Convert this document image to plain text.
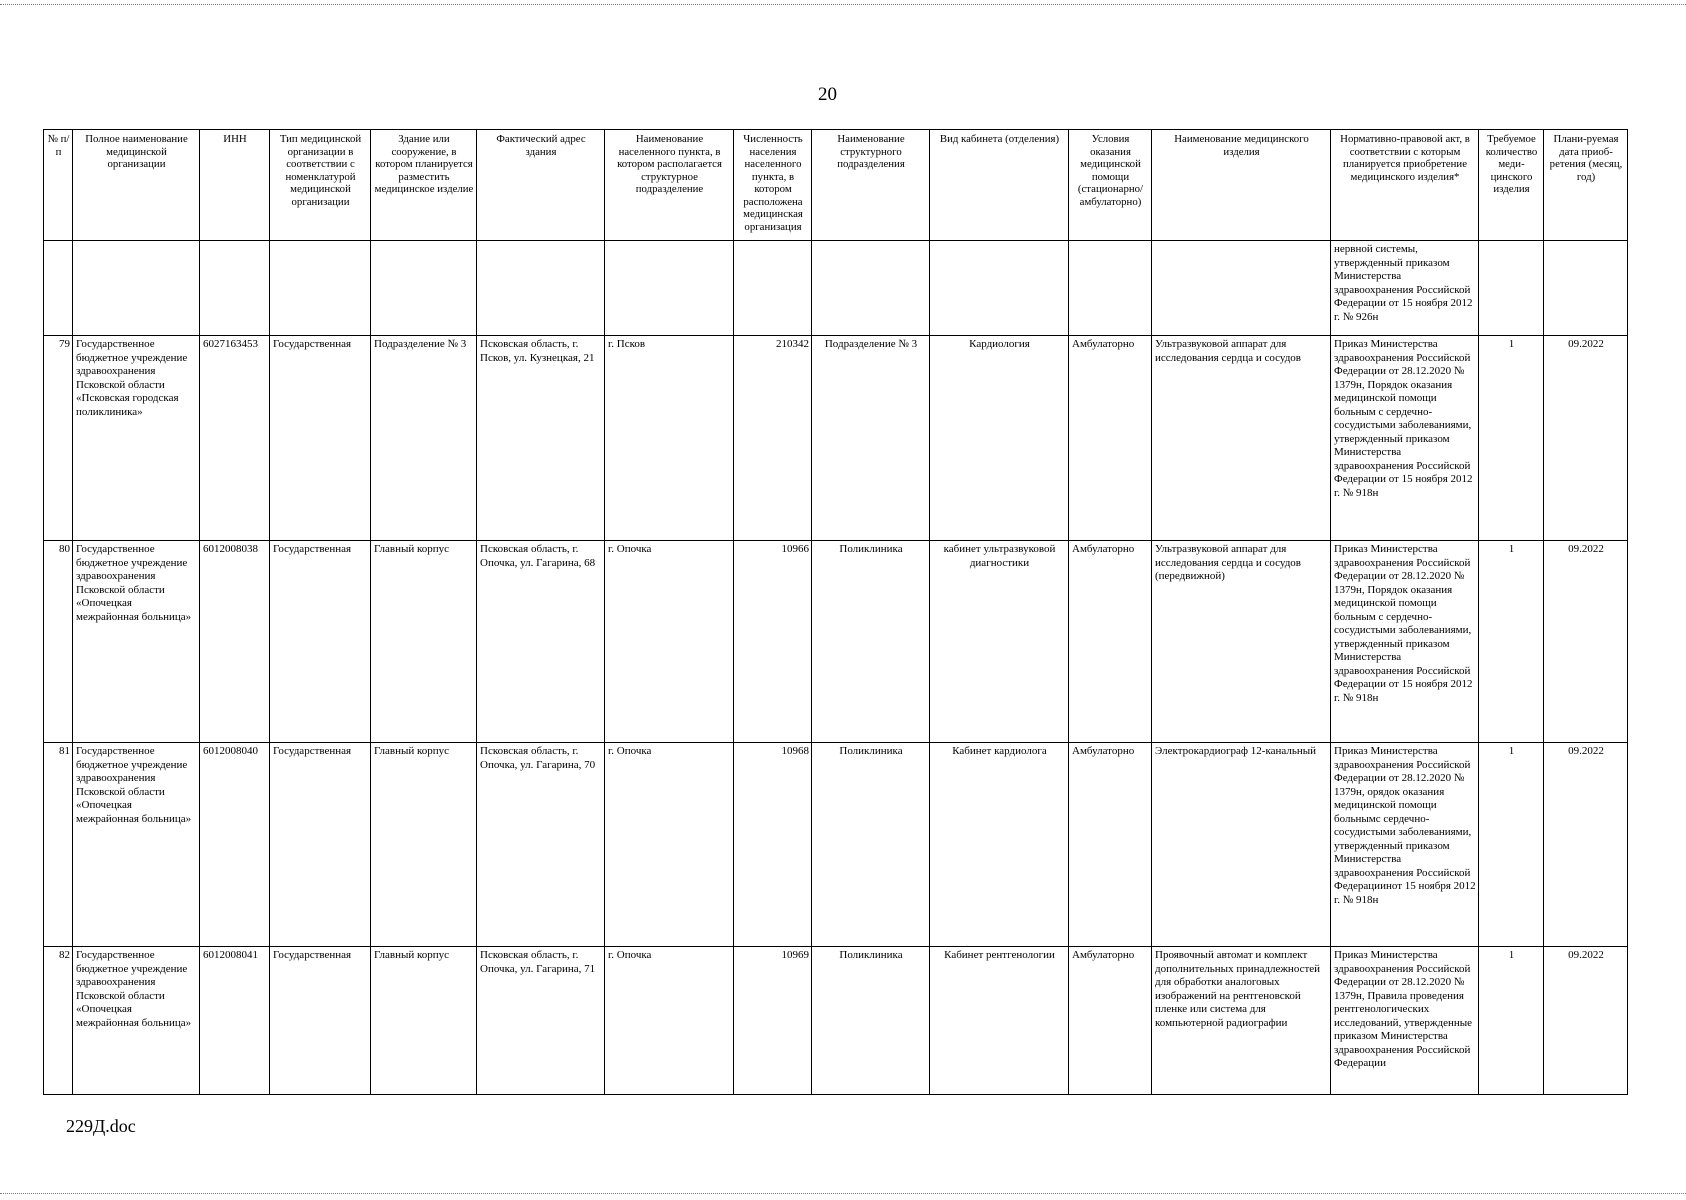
20
№ п/п	Полное наименование медицинской организации	ИНН	Тип медицинской организации в соответствии с номенклатурой медицинской организации	Здание или сооружение, в котором планируется разместить медицинское изделие	Фактический адрес здания	Наименование населенного пункта, в котором располагается структурное подразделение	Численность населения населенного пункта, в котором расположена медицинская организация	Наименование структурного подразделения	Вид кабинета (отделения)	Условия оказания медицинской помощи (стационарно/ амбулаторно)	Наименование медицинского изделия	Нормативно-правовой акт, в соответствии с которым планируется приобретение медицинского изделия*	Требуемое количество меди-цинского изделия	Плани-руемая дата приоб-ретения (месяц, год)
												нервной системы, утвержденный приказом Министерства здравоохранения Российской Федерации от 15 ноября 2012 г. № 926н		
79	Государственное бюджетное учреждение здравоохранения Псковской области «Псковская городская поликлиника»	6027163453	Государственная	Подразделение № 3	Псковская область, г. Псков, ул. Кузнецкая, 21	г. Псков	210342	Подразделение № 3	Кардиология	Амбулаторно	Ультразвуковой аппарат для исследования сердца и сосудов	Приказ Министерства здравоохранения Российской Федерации от 28.12.2020 № 1379н, Порядок оказания медицинской помощи больным с сердечно-сосудистыми заболеваниями, утвержденный приказом Министерства здравоохранения Российской Федерации от 15 ноября 2012 г. № 918н	1	09.2022
80	Государственное бюджетное учреждение здравоохранения Псковской области «Опочецкая межрайонная больница»	6012008038	Государственная	Главный корпус	Псковская область, г. Опочка, ул. Гагарина, 68	г. Опочка	10966	Поликлиника	кабинет ультразвуковой диагностики	Амбулаторно	Ультразвуковой аппарат для исследования сердца и сосудов (передвижной)	Приказ Министерства здравоохранения Российской Федерации от 28.12.2020 № 1379н, Порядок оказания медицинской помощи больным с сердечно-сосудистыми заболеваниями, утвержденный приказом Министерства здравоохранения Российской Федерации от 15 ноября 2012 г. № 918н	1	09.2022
81	Государственное бюджетное учреждение здравоохранения Псковской области «Опочецкая межрайонная больница»	6012008040	Государственная	Главный корпус	Псковская область, г. Опочка, ул. Гагарина, 70	г. Опочка	10968	Поликлиника	Кабинет кардиолога	Амбулаторно	Электрокардиограф 12-канальный	Приказ Министерства здравоохранения Российской Федерации от 28.12.2020 № 1379н, орядок оказания медицинской помощи больнымс сердечно-сосудистыми заболеваниями, утвержденный приказом Министерства здравоохранения Российской Федерациинот 15 ноября 2012 г. № 918н	1	09.2022
82	Государственное бюджетное учреждение здравоохранения Псковской области «Опочецкая межрайонная больница»	6012008041	Государственная	Главный корпус	Псковская область, г. Опочка, ул. Гагарина, 71	г. Опочка	10969	Поликлиника	Кабинет рентгенологии	Амбулаторно	Проявочный автомат и комплект дополнительных принадлежностей для обработки аналоговых изображений на рентгеновской пленке или система для компьютерной радиографии	Приказ Министерства здравоохранения Российской Федерации от 28.12.2020 № 1379н, Правила проведения рентгенологических исследований, утвержденные приказом Министерства здравоохранения Российской Федерации	1	09.2022
229Д.doc
